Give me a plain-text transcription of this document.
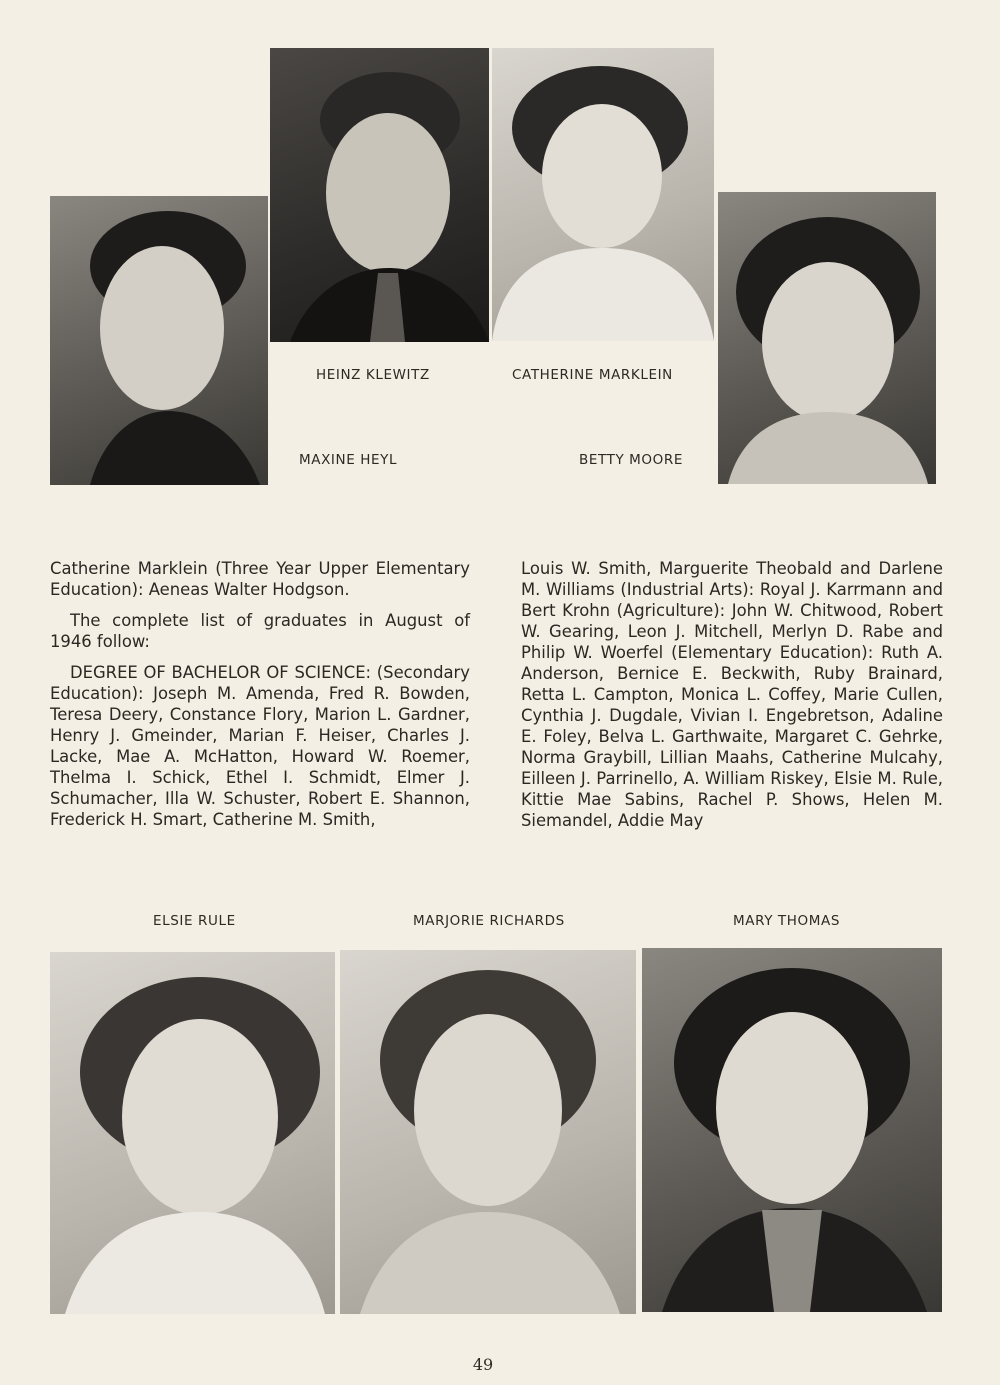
HEINZ KLEWITZ	CATHERINE MARKLEIN
MAXINE HEYL	BETTY MOORE

Catherine Marklein (Three Year Upper Elementary Education): Aeneas Walter Hodgson.

The complete list of graduates in August of 1946 follow:

DEGREE OF BACHELOR OF SCIENCE: (Secondary Education): Joseph M. Amenda, Fred R. Bowden, Teresa Deery, Constance Flory, Marion L. Gardner, Henry J. Gmeinder, Marian F. Heiser, Charles J. Lacke, Mae A. McHatton, Howard W. Roemer, Thelma I. Schick, Ethel I. Schmidt, Elmer J. Schumacher, Illa W. Schuster, Robert E. Shannon, Frederick H. Smart, Catherine M. Smith,

Louis W. Smith, Marguerite Theobald and Darlene M. Williams (Industrial Arts): Royal J. Karrmann and Bert Krohn (Agriculture): John W. Chitwood, Robert W. Gearing, Leon J. Mitchell, Merlyn D. Rabe and Philip W. Woerfel (Elementary Education): Ruth A. Anderson, Bernice E. Beckwith, Ruby Brainard, Retta L. Campton, Monica L. Coffey, Marie Cullen, Cynthia J. Dugdale, Vivian I. Engebretson, Adaline E. Foley, Belva L. Garthwaite, Margaret C. Gehrke, Norma Graybill, Lillian Maahs, Catherine Mulcahy, Eilleen J. Parrinello, A. William Riskey, Elsie M. Rule, Kittie Mae Sabins, Rachel P. Shows, Helen M. Siemandel, Addie May

ELSIE RULE	MARJORIE RICHARDS	MARY THOMAS
49
